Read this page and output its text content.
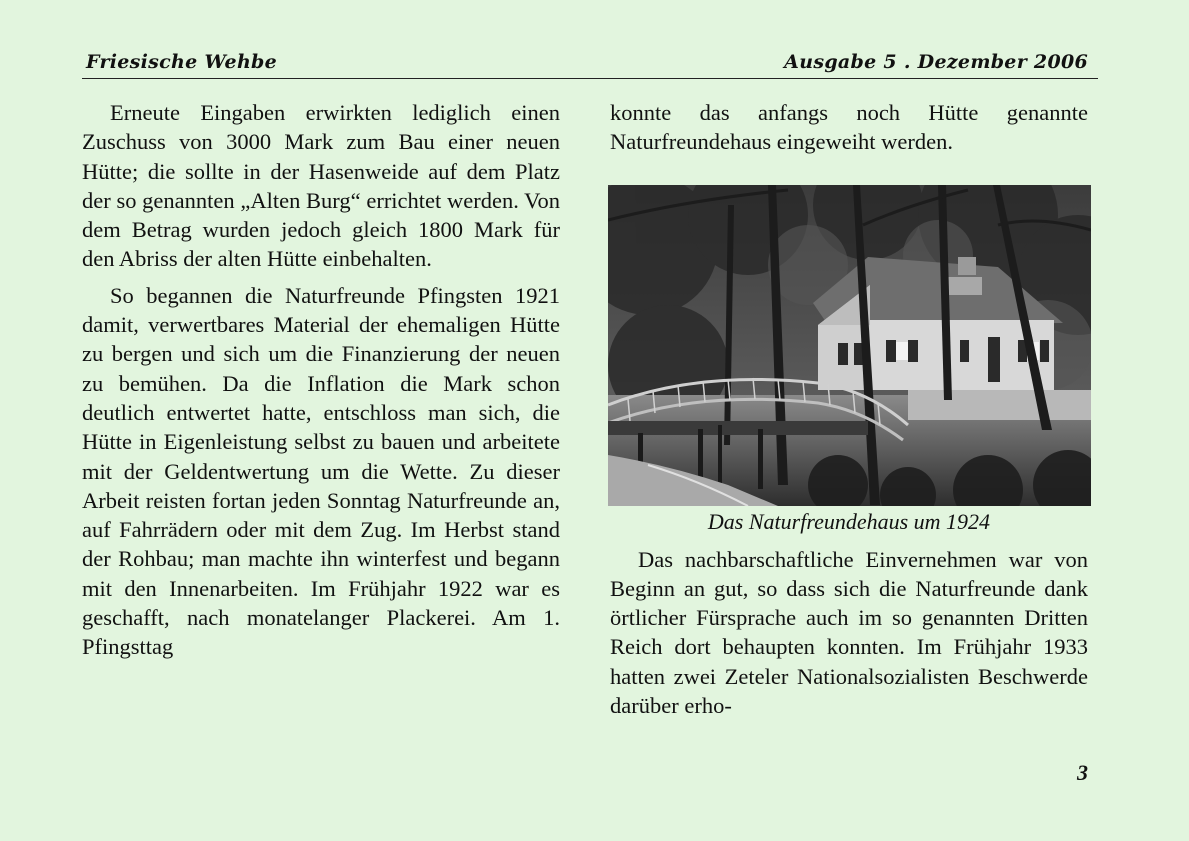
Friesische Wehbe	Ausgabe 5 . Dezember 2006

Erneute Eingaben erwirkten lediglich einen Zuschuss von 3000 Mark zum Bau einer neuen Hütte; die sollte in der Hasenweide auf dem Platz der so genannten „Alten Burg“ errichtet werden. Von dem Betrag wurden jedoch gleich 1800 Mark für den Abriss der alten Hütte einbehalten.

So begannen die Naturfreunde Pfingsten 1921 damit, verwertbares Material der ehemaligen Hütte zu bergen und sich um die Finanzierung der neuen zu bemühen. Da die Inflation die Mark schon deutlich entwertet hatte, entschloss man sich, die Hütte in Eigenleistung selbst zu bauen und arbeitete mit der Geldentwertung um die Wette. Zu dieser Arbeit reisten fortan jeden Sonntag Naturfreunde an, auf Fahrrädern oder mit dem Zug. Im Herbst stand der Rohbau; man machte ihn winterfest und begann mit den Innenarbeiten. Im Frühjahr 1922 war es geschafft, nach monatelanger Plackerei. Am 1. Pfingsttag

konnte das anfangs noch Hütte genannte Naturfreundehaus eingeweiht werden.

Das Naturfreundehaus um 1924

Das nachbarschaftliche Einvernehmen war von Beginn an gut, so dass sich die Naturfreunde dank örtlicher Fürsprache auch im so genannten Dritten Reich dort behaupten konnten. Im Frühjahr 1933 hatten zwei Zeteler Nationalsozialisten Beschwerde darüber erho-

3
